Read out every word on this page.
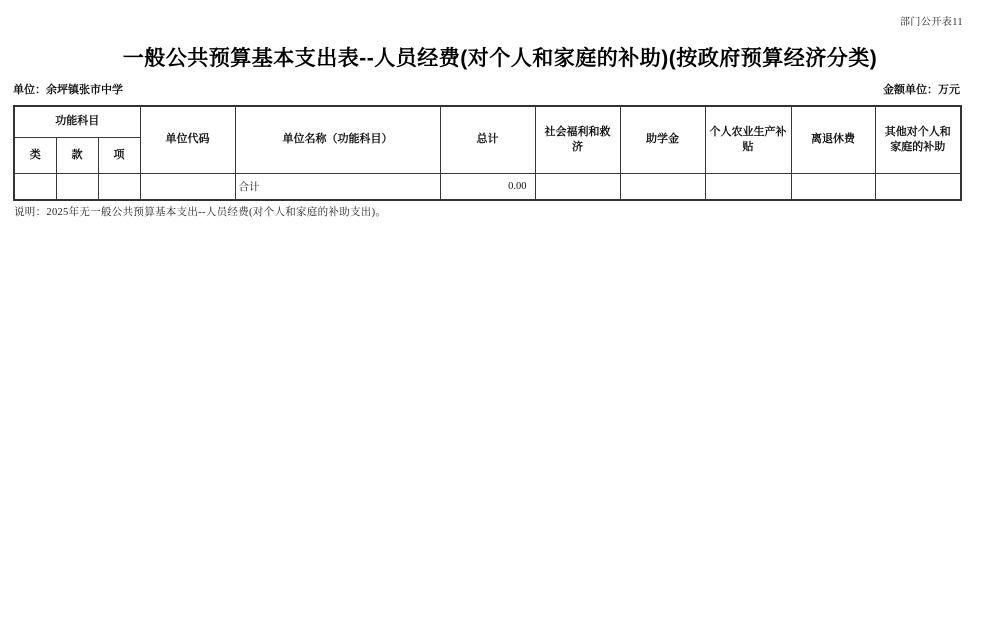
部门公开表11
一般公共预算基本支出表--人员经费(对个人和家庭的补助)(按政府预算经济分类)
单位：余坪镇张市中学	金额单位：万元
功能科目			单位代码	单位名称（功能科目）	总计	社会福利和救济	助学金	个人农业生产补贴	离退休费	其他对个人和家庭的补助
类	款	项								
				合计	0.00					
说明：2025年无一般公共预算基本支出--人员经费(对个人和家庭的补助支出)。
